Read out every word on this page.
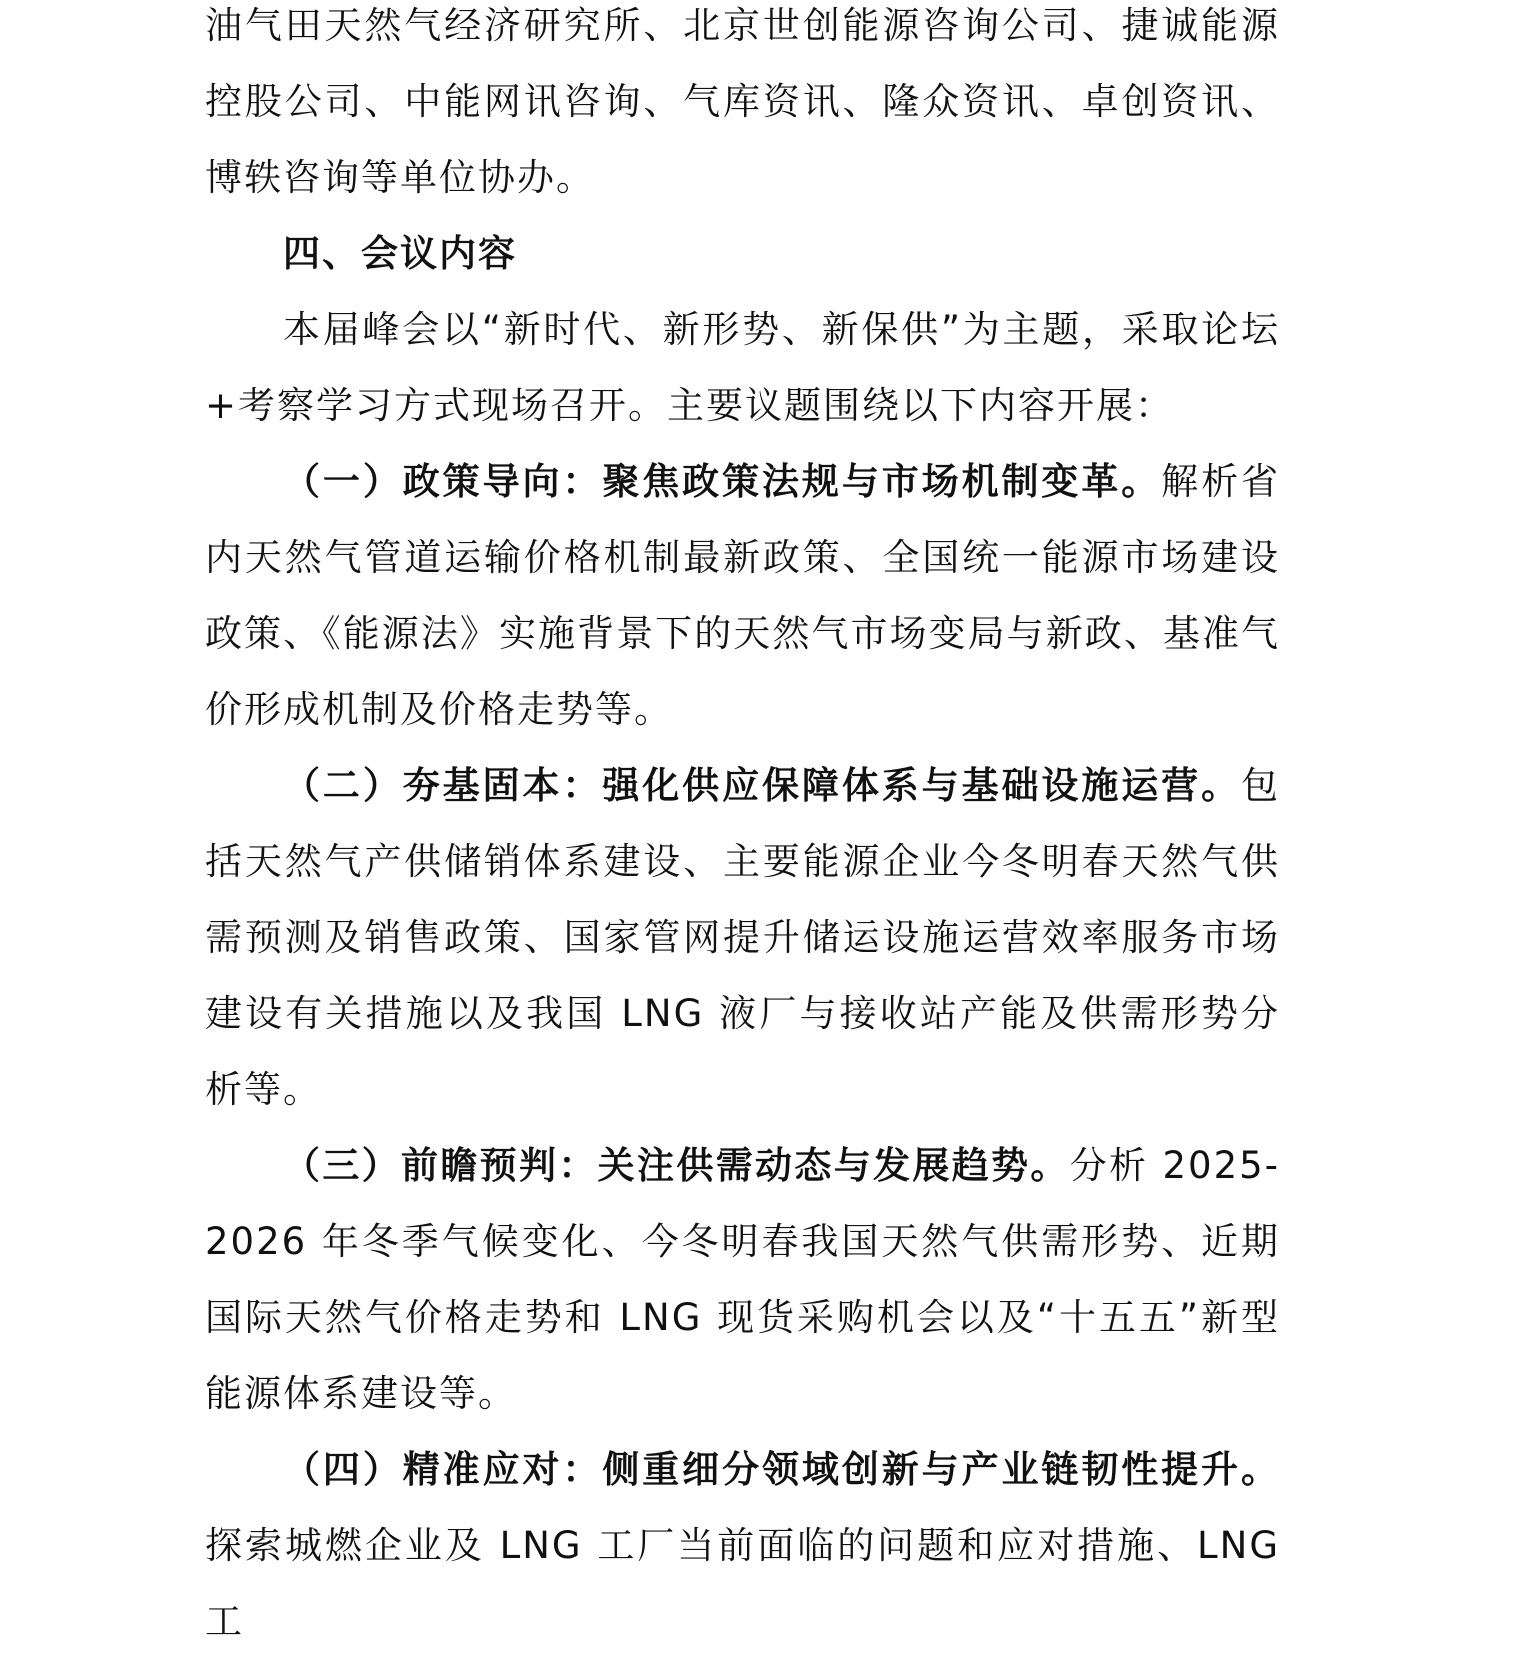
油气田天然气经济研究所、北京世创能源咨询公司、捷诚能源控股公司、中能网讯咨询、气库资讯、隆众资讯、卓创资讯、博轶咨询等单位协办。

四、会议内容

本届峰会以“新时代、新形势、新保供”为主题，采取论坛+考察学习方式现场召开。主要议题围绕以下内容开展：

（一）政策导向：聚焦政策法规与市场机制变革。解析省内天然气管道运输价格机制最新政策、全国统一能源市场建设政策、《能源法》实施背景下的天然气市场变局与新政、基准气价形成机制及价格走势等。

（二）夯基固本：强化供应保障体系与基础设施运营。包括天然气产供储销体系建设、主要能源企业今冬明春天然气供需预测及销售政策、国家管网提升储运设施运营效率服务市场建设有关措施以及我国 LNG 液厂与接收站产能及供需形势分析等。

（三）前瞻预判：关注供需动态与发展趋势。分析 2025-2026 年冬季气候变化、今冬明春我国天然气供需形势、近期国际天然气价格走势和 LNG 现货采购机会以及“十五五”新型能源体系建设等。

（四）精准应对：侧重细分领域创新与产业链韧性提升。探索城燃企业及 LNG 工厂当前面临的问题和应对措施、LNG 工
